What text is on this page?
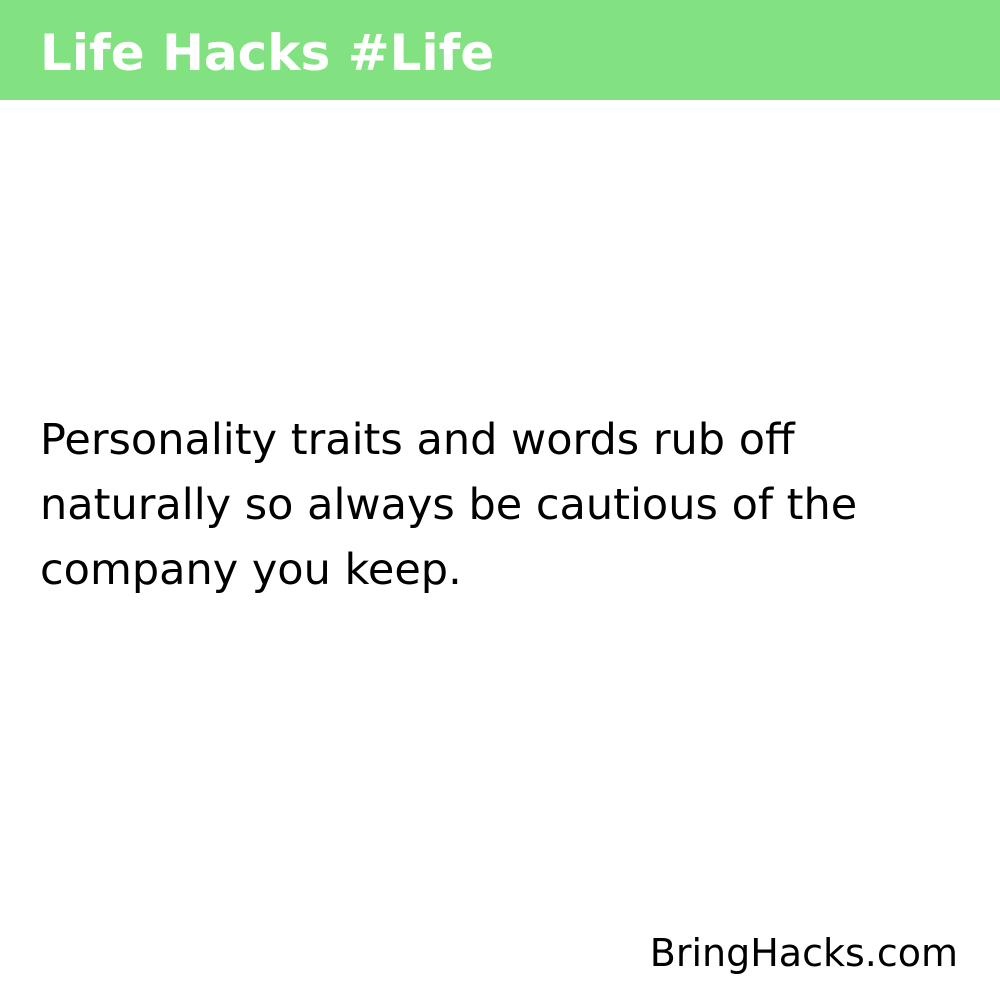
Life Hacks #Life

Personality traits and words rub off
naturally so always be cautious of the
company you keep.

BringHacks.com
